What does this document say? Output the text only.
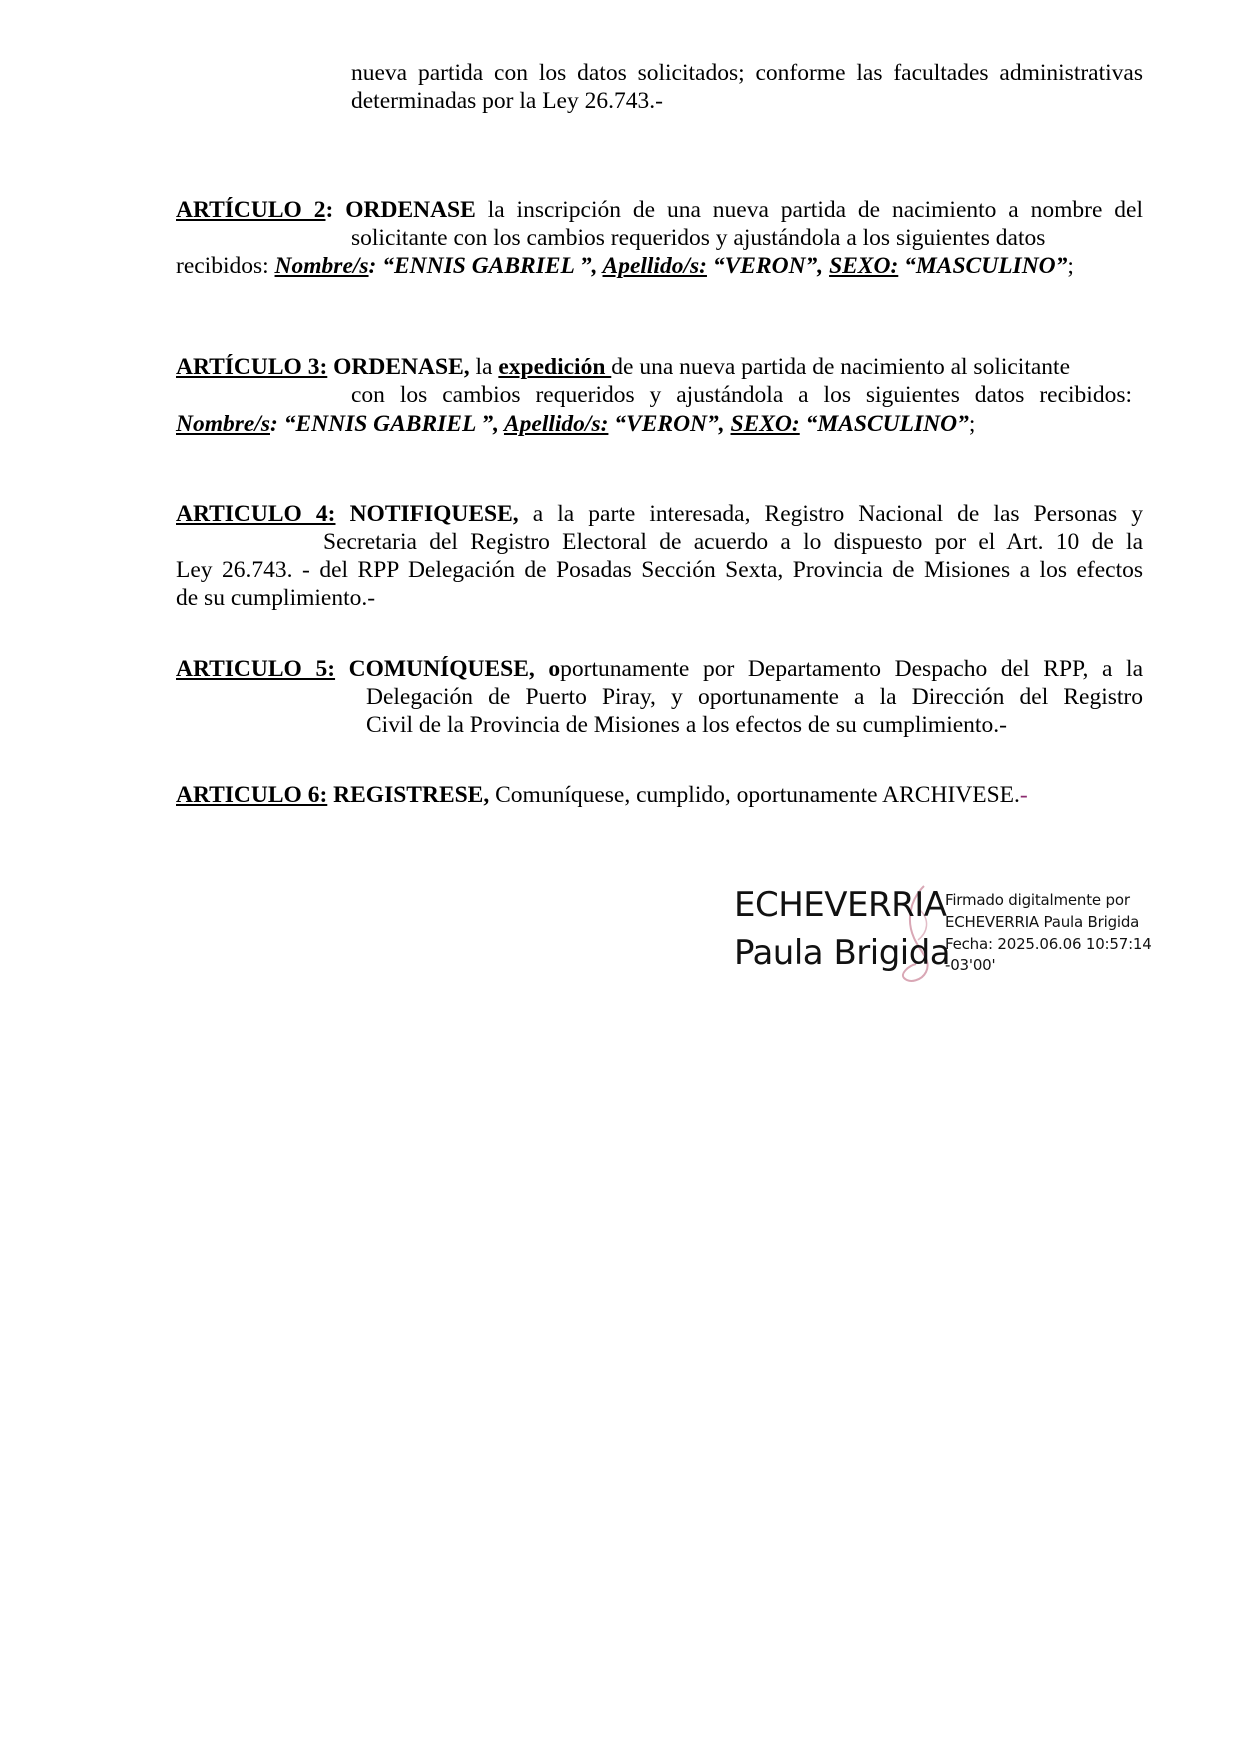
nueva partida con los datos solicitados; conforme las facultades administrativas
determinadas por la Ley 26.743.-
ARTÍCULO 2: ORDENASE la inscripción de una nueva partida de nacimiento a nombre del
solicitante con los cambios requeridos y ajustándola a los siguientes datos
recibidos: Nombre/s: “ENNIS GABRIEL ”, Apellido/s: “VERON”, SEXO: “MASCULINO”;
ARTÍCULO 3: ORDENASE, la expedición de una nueva partida de nacimiento al solicitante
con los cambios requeridos y ajustándola a los siguientes datos recibidos:
Nombre/s: “ENNIS GABRIEL ”, Apellido/s: “VERON”, SEXO: “MASCULINO”;
ARTICULO 4: NOTIFIQUESE, a la parte interesada, Registro Nacional de las Personas y
Secretaria del Registro Electoral de acuerdo a lo dispuesto por el Art. 10 de la
Ley 26.743. - del RPP Delegación de Posadas Sección Sexta, Provincia de Misiones a los efectos
de su cumplimiento.-
ARTICULO 5: COMUNÍQUESE, oportunamente por Departamento Despacho del RPP, a la
Delegación de Puerto Piray, y oportunamente a la Dirección del Registro
Civil de la Provincia de Misiones a los efectos de su cumplimiento.-
ARTICULO 6: REGISTRESE, Comuníquese, cumplido, oportunamente ARCHIVESE.-
ECHEVERRIA
Paula Brigida
Firmado digitalmente por
ECHEVERRIA Paula Brigida
Fecha: 2025.06.06 10:57:14
-03'00'
